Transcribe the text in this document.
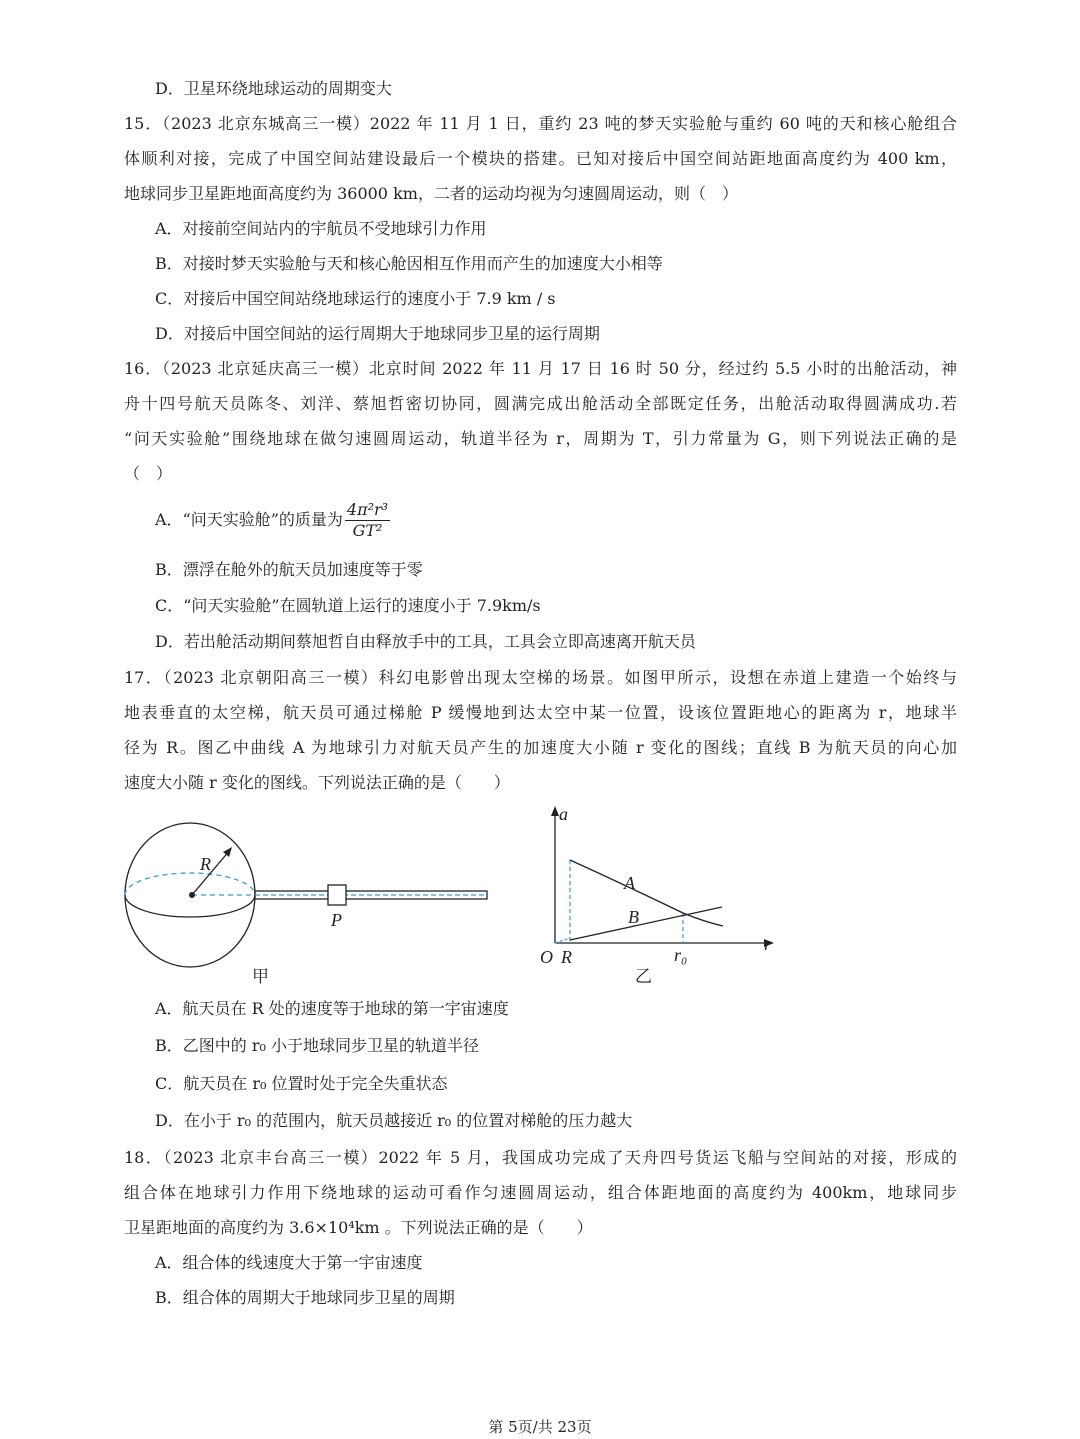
D．卫星环绕地球运动的周期变大
15．（2023 北京东城高三一模）2022 年 11 月 1 日，重约 23 吨的梦天实验舱与重约 60 吨的天和核心舱组合
体顺利对接，完成了中国空间站建设最后一个模块的搭建。已知对接后中国空间站距地面高度约为 400 km，
地球同步卫星距地面高度约为 36000 km，二者的运动均视为匀速圆周运动，则（　）
A．对接前空间站内的宇航员不受地球引力作用
B．对接时梦天实验舱与天和核心舱因相互作用而产生的加速度大小相等
C．对接后中国空间站绕地球运行的速度小于 7.9 km / s
D．对接后中国空间站的运行周期大于地球同步卫星的运行周期
16．（2023 北京延庆高三一模）北京时间 2022 年 11 月 17 日 16 时 50 分，经过约 5.5 小时的出舱活动，神
舟十四号航天员陈冬、刘洋、蔡旭哲密切协同，圆满完成出舱活动全部既定任务，出舱活动取得圆满成功.若
“问天实验舱”围绕地球在做匀速圆周运动，轨道半径为 r，周期为 T，引力常量为 G，则下列说法正确的是
（　）
A．“问天实验舱”的质量为 $\frac{\text{4π²r³}}{\text{GT²}}$
B．漂浮在舱外的航天员加速度等于零
C．“问天实验舱”在圆轨道上运行的速度小于 7.9km/s
D．若出舱活动期间蔡旭哲自由释放手中的工具，工具会立即高速离开航天员
17．（2023 北京朝阳高三一模）科幻电影曾出现太空梯的场景。如图甲所示，设想在赤道上建造一个始终与
地表垂直的太空梯，航天员可通过梯舱 P 缓慢地到达太空中某一位置，设该位置距地心的距离为 r，地球半
径为 R。图乙中曲线 A 为地球引力对航天员产生的加速度大小随 r 变化的图线；直线 B 为航天员的向心加
速度大小随 r 变化的图线。下列说法正确的是（　　）
R
P
甲
a
A
B
O R	r₀
r
乙
A．航天员在 R 处的速度等于地球的第一宇宙速度
B．乙图中的 r₀ 小于地球同步卫星的轨道半径
C．航天员在 r₀ 位置时处于完全失重状态
D．在小于 r₀ 的范围内，航天员越接近 r₀ 的位置对梯舱的压力越大
18．（2023 北京丰台高三一模）2022 年 5 月，我国成功完成了天舟四号货运飞船与空间站的对接，形成的
组合体在地球引力作用下绕地球的运动可看作匀速圆周运动，组合体距地面的高度约为 400km，地球同步
卫星距地面的高度约为 3.6×10⁴km 。下列说法正确的是（　　）
A．组合体的线速度大于第一宇宙速度
B．组合体的周期大于地球同步卫星的周期
第 5页/共 23页
